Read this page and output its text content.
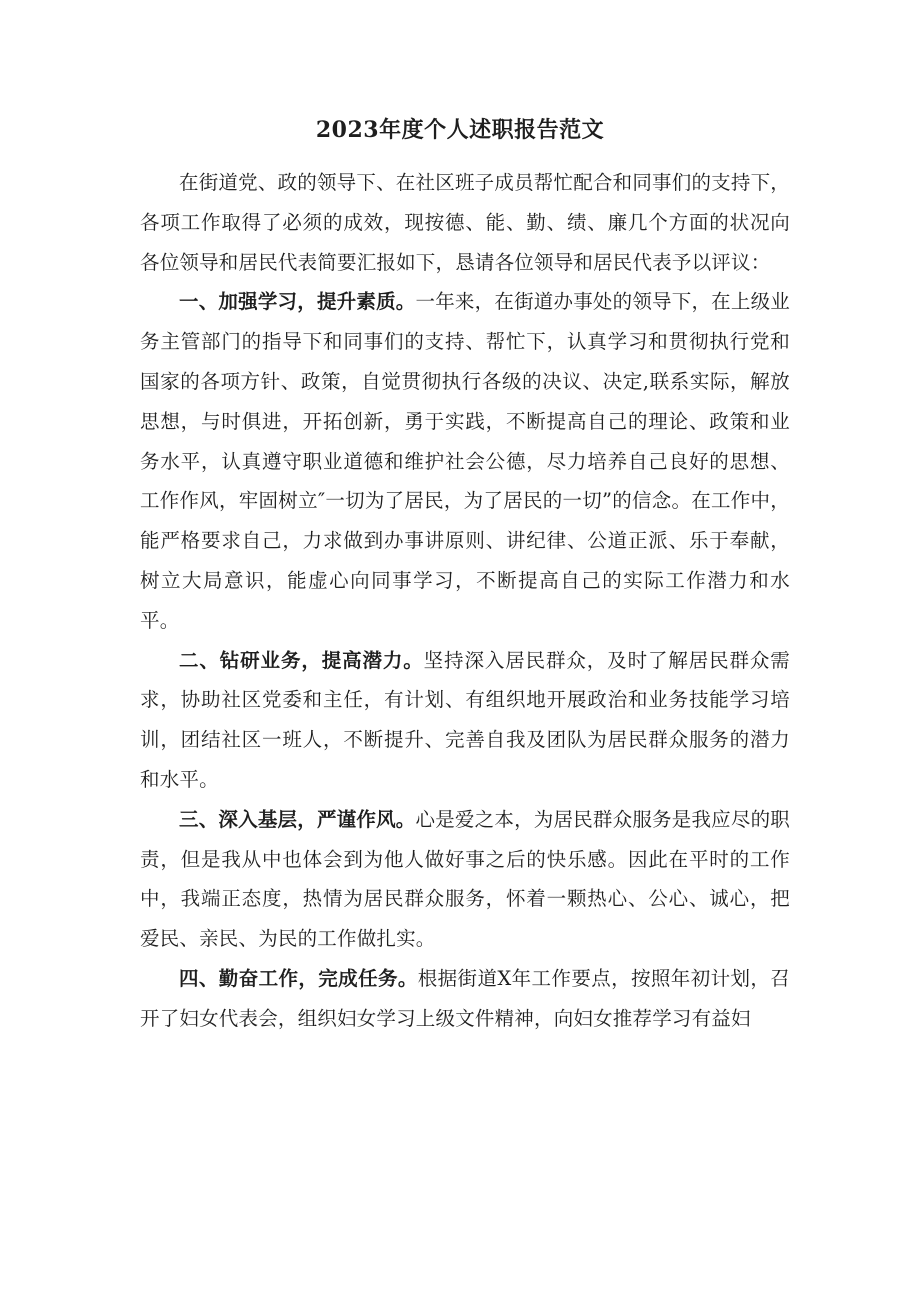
2023年度个人述职报告范文

在街道党、政的领导下、在社区班子成员帮忙配合和同事们的支持下，各项工作取得了必须的成效，现按德、能、勤、绩、廉几个方面的状况向各位领导和居民代表简要汇报如下，恳请各位领导和居民代表予以评议：

一、加强学习，提升素质。一年来，在街道办事处的领导下，在上级业务主管部门的指导下和同事们的支持、帮忙下，认真学习和贯彻执行党和国家的各项方针、政策，自觉贯彻执行各级的决议、决定,联系实际，解放思想，与时俱进，开拓创新，勇于实践，不断提高自己的理论、政策和业务水平，认真遵守职业道德和维护社会公德，尽力培养自己良好的思想、工作作风，牢固树立″一切为了居民，为了居民的一切”的信念。在工作中，能严格要求自己，力求做到办事讲原则、讲纪律、公道正派、乐于奉献，树立大局意识，能虚心向同事学习，不断提高自己的实际工作潜力和水平。

二、钻研业务，提高潜力。坚持深入居民群众，及时了解居民群众需求，协助社区党委和主任，有计划、有组织地开展政治和业务技能学习培训，团结社区一班人，不断提升、完善自我及团队为居民群众服务的潜力和水平。

三、深入基层，严谨作风。心是爱之本，为居民群众服务是我应尽的职责，但是我从中也体会到为他人做好事之后的快乐感。因此在平时的工作中，我端正态度，热情为居民群众服务，怀着一颗热心、公心、诚心，把爱民、亲民、为民的工作做扎实。

四、勤奋工作，完成任务。根据街道X年工作要点，按照年初计划，召开了妇女代表会，组织妇女学习上级文件精神，向妇女推荐学习有益妇
